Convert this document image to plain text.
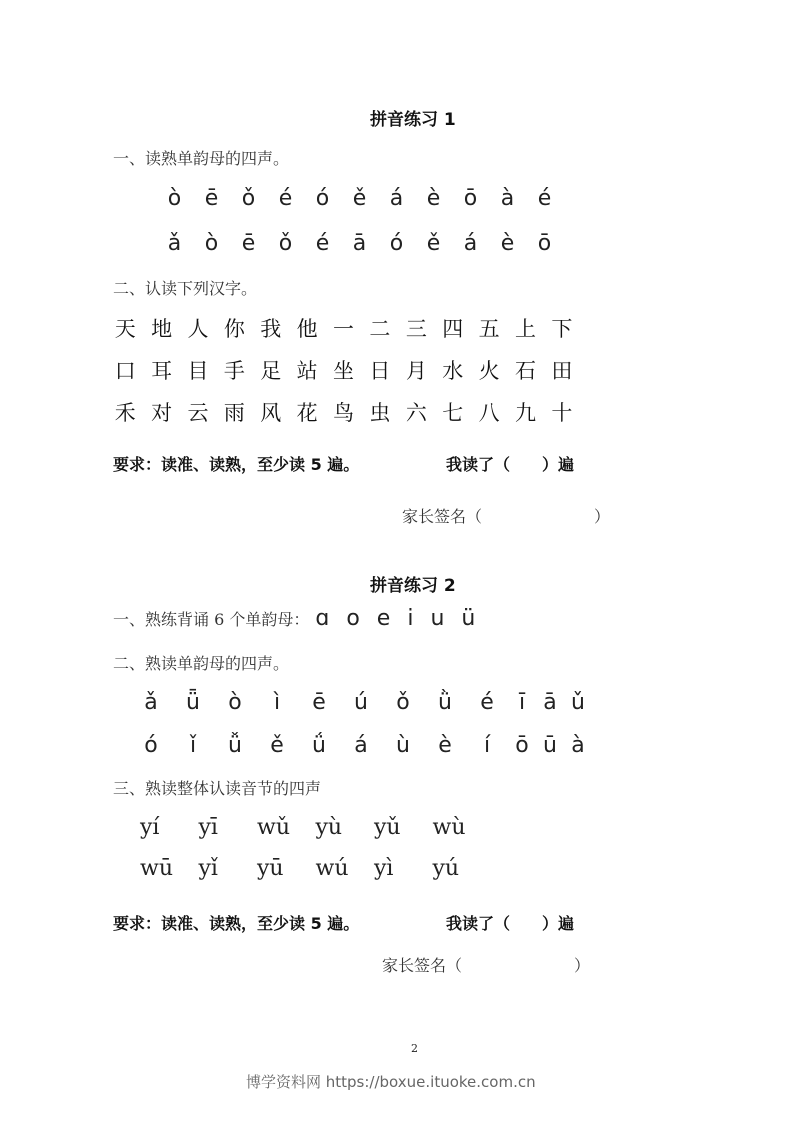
拼音练习 1
一、读熟单韵母的四声。
ò	ē	ǒ	é	ó	ě	á	è	ō	à	é
ǎ	ò	ē	ǒ	é	ā	ó	ě	á	è	ō
二、认读下列汉字。
天 地 人 你 我 他 一 二 三 四 五 上 下
口 耳 目 手 足 站 坐 日 月 水 火 石 田
禾 对 云 雨 风 花 鸟 虫 六 七 八 九 十
要求：读准、读熟，至少读 5 遍。	我读了（　　）遍
家长签名（　　　　　　　）
拼音练习 2
一、熟练背诵 6 个单韵母： ɑ o e i u ü
二、熟读单韵母的四声。
ǎ	ǖ	ò	ì	ē	ú	ǒ	ǜ	é	ī ā ǔ
ó	ǐ	ǚ	ě	ǘ	á	ù	è	í	ō ū à
三、熟读整体认读音节的四声
yí	yī	wǔ	yù	yǔ	wù
wū	yǐ	yū	wú	yì	yú
要求：读准、读熟，至少读 5 遍。	我读了（　　）遍
家长签名（　　　　　　　）
2
博学资料网 https://boxue.ituoke.com.cn
